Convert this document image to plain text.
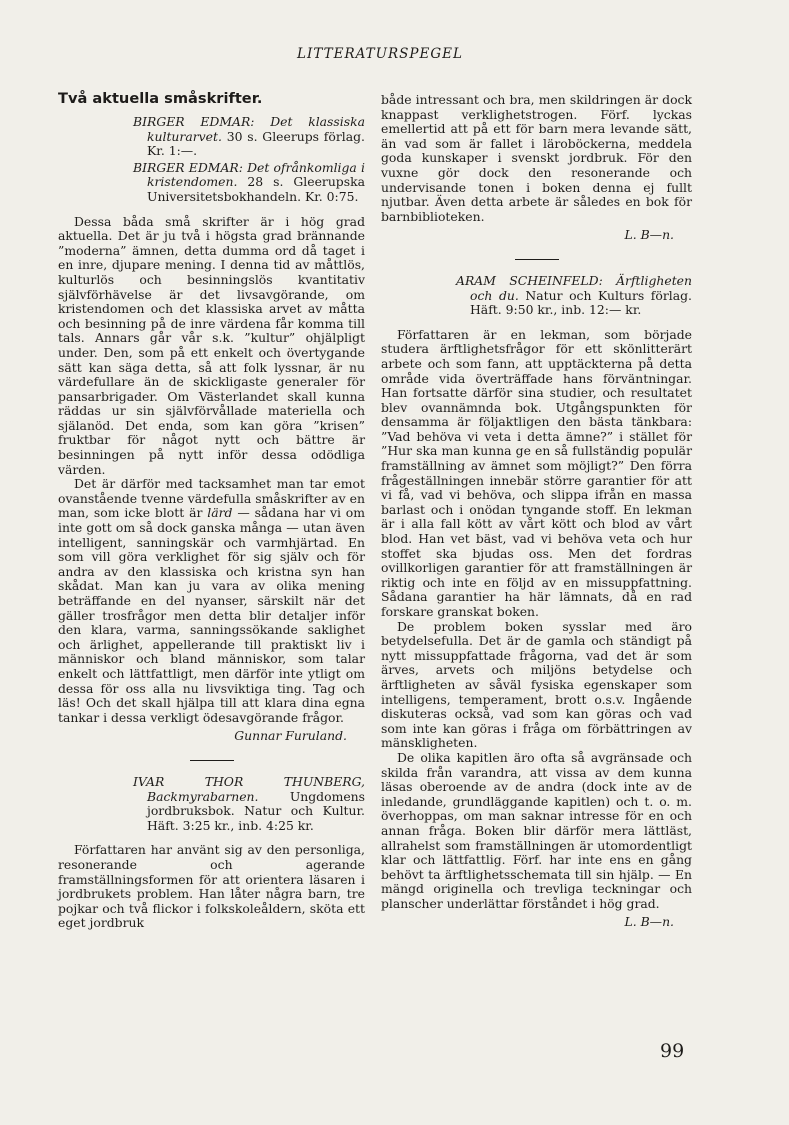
LITTERATURSPEGEL
Två aktuella småskrifter.

BIRGER EDMAR: Det klassiska kulturarvet. 30 s. Gleerups förlag. Kr. 1:—.

BIRGER EDMAR: Det ofrånkomliga i kristendomen. 28 s. Gleerupska Universitetsbokhandeln. Kr. 0:75.

Dessa båda små skrifter är i hög grad aktuella. Det är ju två i högsta grad brännande ”moderna” ämnen, detta dumma ord då taget i en inre, djupare mening. I denna tid av måttlös, kulturlös och besinningslös kvantitativ självförhävelse är det livsavgörande, om kristendomen och det klassiska arvet av måtta och besinning på de inre värdena får komma till tals. Annars går vår s.k. ”kultur” ohjälpligt under. Den, som på ett enkelt och övertygande sätt kan säga detta, så att folk lyssnar, är nu värdefullare än de skickligaste generaler för pansarbrigader. Om Västerlandet skall kunna räddas ur sin självförvållade materiella och själanöd. Det enda, som kan göra ”krisen” fruktbar för något nytt och bättre är besinningen på nytt inför dessa odödliga värden.

Det är därför med tacksamhet man tar emot ovanstående tvenne värdefulla småskrifter av en man, som icke blott är lärd — sådana har vi om inte gott om så dock ganska många — utan även intelligent, sanningskär och varmhjärtad. En som vill göra verklighet för sig själv och för andra av den klassiska och kristna syn han skådat. Man kan ju vara av olika mening beträffande en del nyanser, särskilt när det gäller trosfrågor men detta blir detaljer inför den klara, varma, sanningssökande saklighet och ärlighet, appellerande till praktiskt liv i människor och bland människor, som talar enkelt och lättfattligt, men därför inte ytligt om dessa för oss alla nu livsviktiga ting. Tag och läs! Och det skall hjälpa till att klara dina egna tankar i dessa verkligt ödesavgörande frågor.

Gunnar Furuland.

IVAR THOR THUNBERG, Backmyrabarnen.	Ungdomens jordbruksbok. Natur och Kultur. Häft. 3:25 kr., inb. 4:25 kr.

Författaren har använt sig av den personliga, resonerande och agerande framställningsformen för att orientera läsaren i jordbrukets problem. Han låter några barn, tre pojkar och två flickor i folkskoleåldern, sköta ett eget jordbruk

både intressant och bra, men skildringen är dock knappast verklighetstrogen. Förf. lyckas emellertid att på ett för barn mera levande sätt, än vad som är fallet i läroböckerna, meddela goda kunskaper i svenskt jordbruk. För den vuxne gör dock den resonerande och undervisande tonen i boken denna ej fullt njutbar. Även detta arbete är således en bok för barnbiblioteken.

L. B—n.

ARAM SCHEINFELD: Ärftligheten och du. Natur och Kulturs förlag. Häft. 9:50 kr., inb. 12:— kr.

Författaren är en lekman, som började studera ärftlighetsfrågor för ett skönlitterärt arbete och som fann, att upptäckterna på detta område vida överträffade hans förväntningar. Han fortsatte därför sina studier, och resultatet blev ovannämnda bok. Utgångspunkten för densamma är följaktligen den bästa tänkbara: ”Vad behöva vi veta i detta ämne?” i stället för ”Hur ska man kunna ge en så fullständig populär framställning av ämnet som möjligt?” Den förra frågeställningen innebär större garantier för att vi få, vad vi behöva, och slippa ifrån en massa barlast och i onödan tyngande stoff. En lekman är i alla fall kött av vårt kött och blod av vårt blod. Han vet bäst, vad vi behöva veta och hur stoffet ska bjudas oss. Men det fordras ovillkorligen garantier för att framställningen är riktig och inte en följd av en missuppfattning. Sådana garantier ha här lämnats, då en rad forskare granskat boken.

De problem boken sysslar med äro betydelsefulla. Det är de gamla och ständigt på nytt missuppfattade frågorna, vad det är som ärves, arvets och miljöns betydelse och ärftligheten av såväl fysiska egenskaper som intelligens, temperament, brott o.s.v. Ingående diskuteras också, vad som kan göras och vad som inte kan göras i fråga om förbättringen av mänskligheten.

De olika kapitlen äro ofta så avgränsade och skilda från varandra, att vissa av dem kunna läsas oberoende av de andra (dock inte av de inledande, grundläggande kapitlen) och t. o. m. överhoppas, om man saknar intresse för en och annan fråga. Boken blir därför mera lättläst, allrahelst som framställningen är utomordentligt klar och lättfattlig. Förf. har inte ens en gång behövt ta ärftlighetsschemata till sin hjälp. — En mängd originella och trevliga teckningar och planscher underlättar förståndet i hög grad.

L. B—n.

99
